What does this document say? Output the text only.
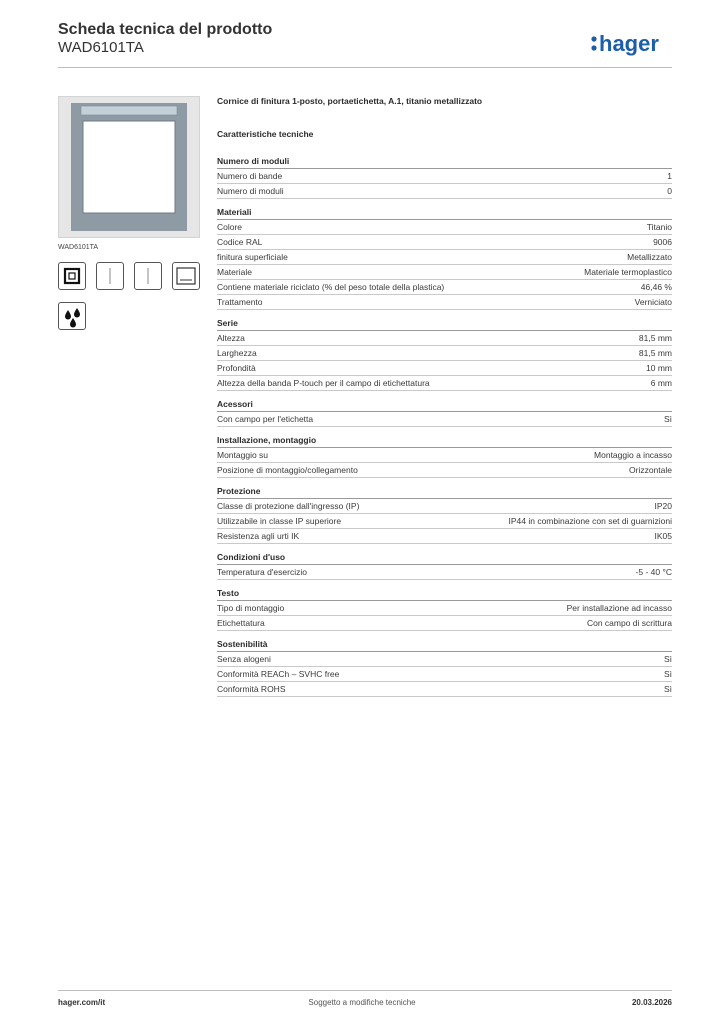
Scheda tecnica del prodotto
WAD6101TA	hager
WAD6101TA
Cornice di finitura 1-posto, portaetichetta, A.1, titanio metallizzato
Caratteristiche tecniche
Numero di moduli
Numero di bande	1
Numero di moduli	0
Materiali
Colore	Titanio
Codice RAL	9006
finitura superficiale	Metallizzato
Materiale	Materiale termoplastico
Contiene materiale riciclato (% del peso totale della plastica)	46,46 %
Trattamento	Verniciato
Serie
Altezza	81,5 mm
Larghezza	81,5 mm
Profondità	10 mm
Altezza della banda P-touch per il campo di etichettatura	6 mm
Acessori
Con campo per l'etichetta	Sì
Installazione, montaggio
Montaggio su	Montaggio a incasso
Posizione di montaggio/collegamento	Orizzontale
Protezione
Classe di protezione dall'ingresso (IP)	IP20
Utilizzabile in classe IP superiore	IP44 in combinazione con set di guarnizioni
Resistenza agli urti IK	IK05
Condizioni d'uso
Temperatura d'esercizio	-5 - 40 °C
Testo
Tipo di montaggio	Per installazione ad incasso
Etichettatura	Con campo di scrittura
Sostenibilità
Senza alogeni	Sì
Conformità REACh – SVHC free	Sì
Conformità ROHS	Sì
Soggetto a modifiche tecniche
hager.com/it	20.03.2026
